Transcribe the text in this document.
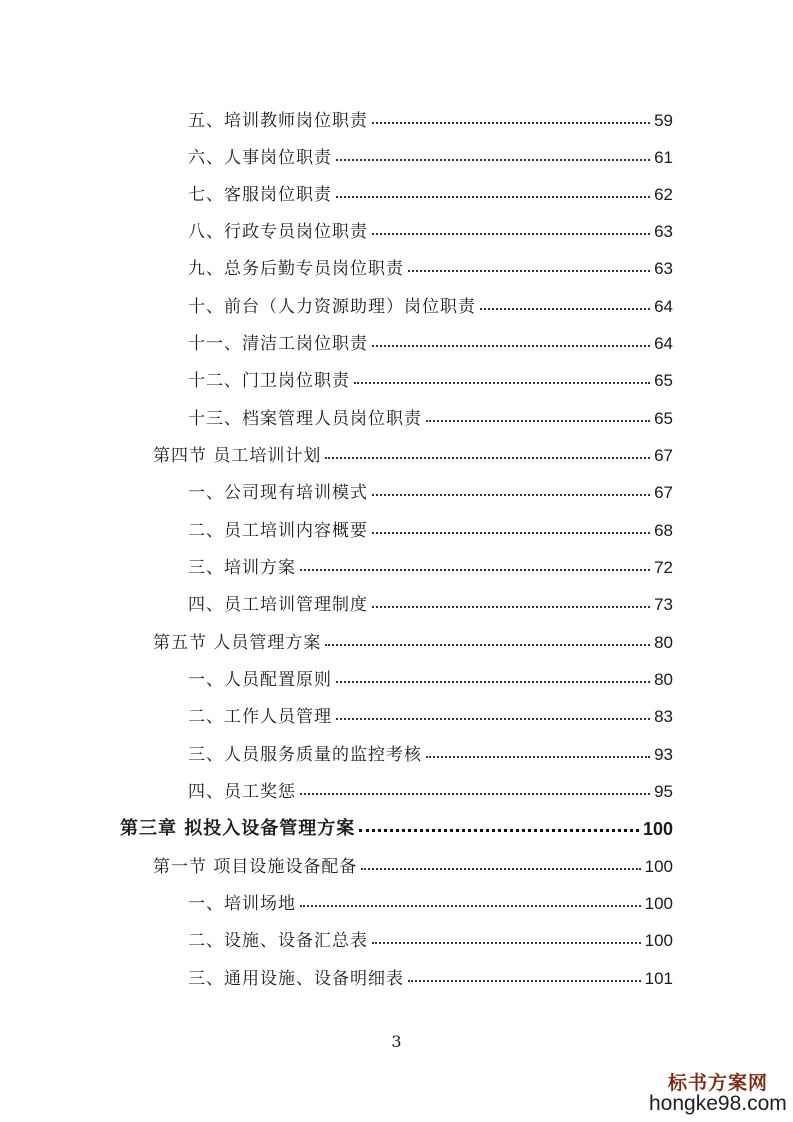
五、培训教师岗位职责	59
六、人事岗位职责	61
七、客服岗位职责	62
八、行政专员岗位职责	63
九、总务后勤专员岗位职责	63
十、前台（人力资源助理）岗位职责	64
十一、清洁工岗位职责	64
十二、门卫岗位职责	65
十三、档案管理人员岗位职责	65
第四节 员工培训计划	67
一、公司现有培训模式	67
二、员工培训内容概要	68
三、培训方案	72
四、员工培训管理制度	73
第五节 人员管理方案	80
一、人员配置原则	80
二、工作人员管理	83
三、人员服务质量的监控考核	93
四、员工奖惩	95
第三章 拟投入设备管理方案	100
第一节 项目设施设备配备	100
一、培训场地	100
二、设施、设备汇总表	100
三、通用设施、设备明细表	101
3
标书方案网
hongke98.com
